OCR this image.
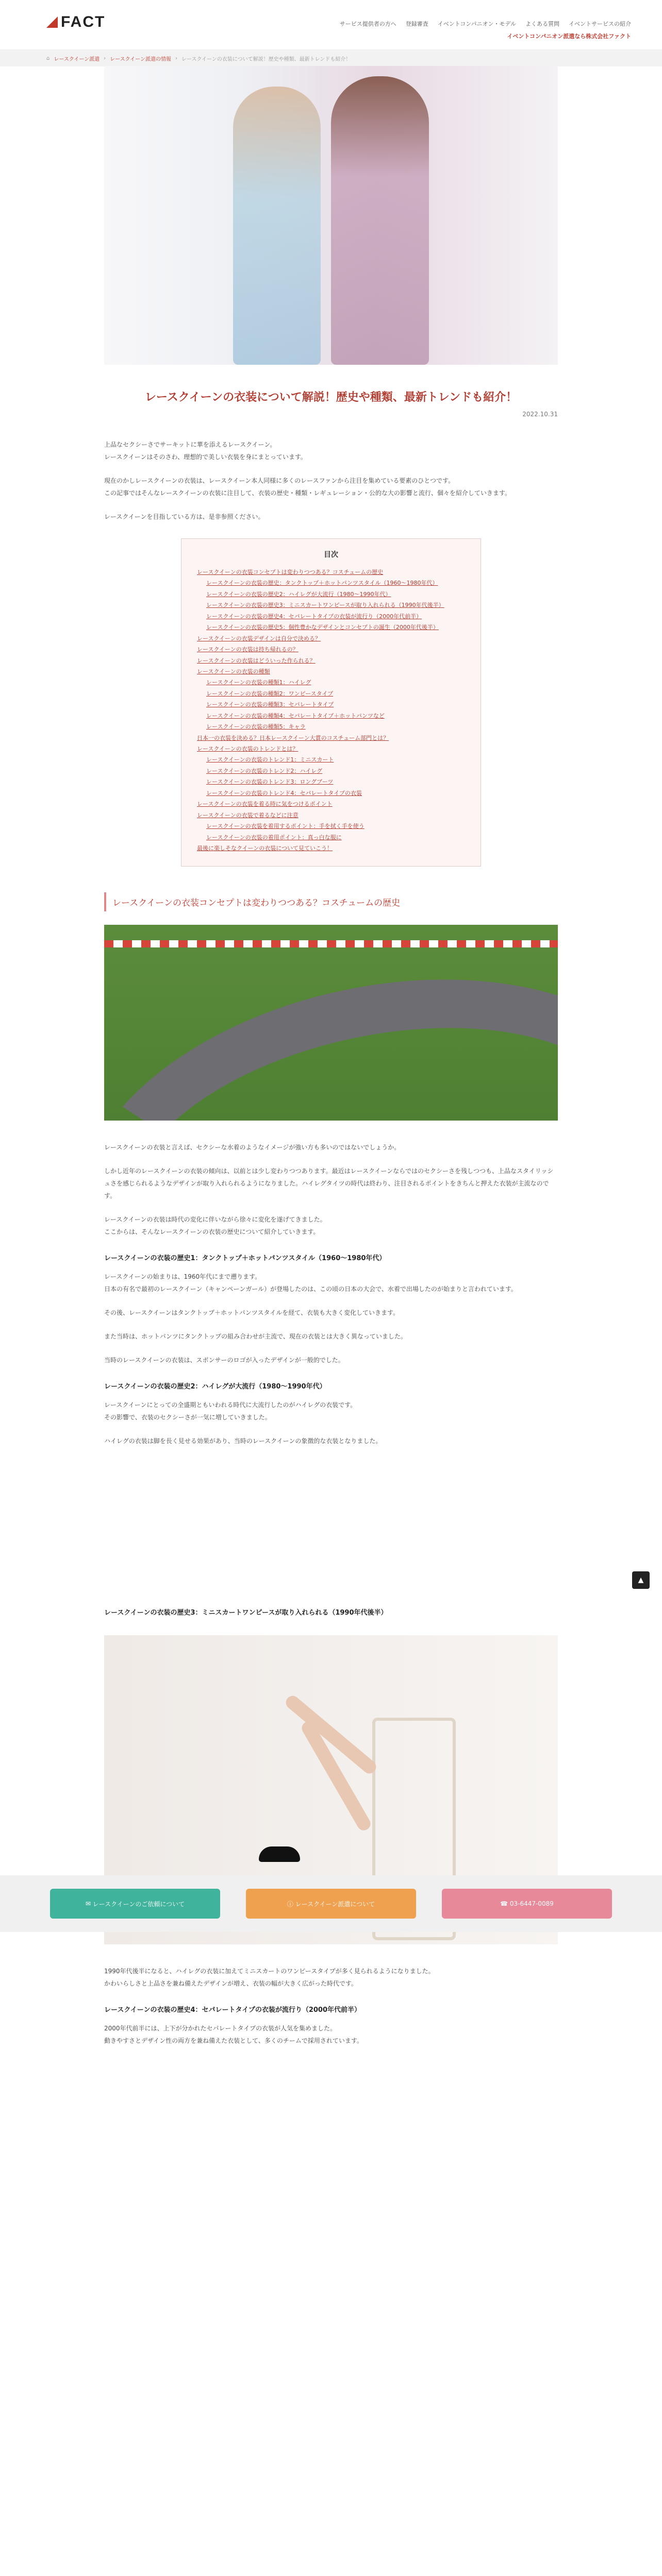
FACT	サービス提供者の方へ 登録審査 イベントコンパニオン・モデル よくある質問 イベントサービスの紹介
イベントコンパニオン派遣なら株式会社ファクト
⌂ レースクイーン派遣 › レースクイーン派遣の情報 › レースクイーンの衣装について解説！歴史や種類、最新トレンドも紹介！
レースクイーンの衣装について解説！歴史や種類、最新トレンドも紹介！
2022.10.31

上品なセクシーさでサーキットに華を添えるレースクイーン。
レースクイーンはそのさわ、理想的で美しい衣装を身にまとっています。

現在のかしレースクイーンの衣装は、レースクイーン本人同様に多くのレースファンから注目を集めている要素のひとつです。
この記事ではそんなレースクイーンの衣装に注目して、衣装の歴史・種類・レギュレーション・公的な大の影響と流行、個々を紹介していきます。

レースクイーンを目指している方は、是非参照ください。

目次
レースクイーンの衣装コンセプトは変わりつつある？コスチュームの歴史
レースクイーンの衣装の歴史：タンクトップ＋ホットパンツスタイル（1960～1980年代）
レースクイーンの衣装の歴史2：ハイレグが大流行（1980～1990年代）
レースクイーンの衣装の歴史3：ミニスカートワンピースが取り入れられる（1990年代後半）
レースクイーンの衣装の歴史4：セパレートタイプの衣装が流行り（2000年代前半）
レースクイーンの衣装の歴史5：個性豊かなデザインとコンセプトの誕生（2000年代後半）
レースクイーンの衣装デザインは自分で決める？
レースクイーンの衣装は持ち帰れるの？
レースクイーンの衣装はどういった作られる？
レースクイーンの衣装の種類
レースクイーンの衣装の種類1：ハイレグ
レースクイーンの衣装の種類2：ワンピースタイプ
レースクイーンの衣装の種類3：セパレートタイプ
レースクイーンの衣装の種類4：セパレートタイプ＋ホットパンツなど
レースクイーンの衣装の種類5：キャラ
日本一の衣装を決める？日本レースクイーン大賞のコスチューム部門とは？
レースクイーンの衣装のトレンドとは？
レースクイーンの衣装のトレンド1：ミニスカート
レースクイーンの衣装のトレンド2：ハイレグ
レースクイーンの衣装のトレンド3：ロングブーツ
レースクイーンの衣装のトレンド4：セパレートタイプの衣装
レースクイーンの衣装を着る時に気をつけるポイント
レースクイーンの衣装で着るなどに注意
レースクイーンの衣装を着用するポイント：手を拭く手を使う
レースクイーンの衣装の着用ポイント：真っ白な服に
最後に楽しそなクイーンの衣装について見ていこう！
レースクイーンの衣装コンセプトは変わりつつある？コスチュームの歴史

レースクイーンの衣装と言えば、セクシーな水着のようなイメージが強い方も多いのではないでしょうか。

しかし近年のレースクイーンの衣装の傾向は、以前とは少し変わりつつあります。最近はレースクイーンならではのセクシーさを残しつつも、上品なスタイリッシュさを感じられるようなデザインが取り入れられるようになりました。ハイレグタイツの時代は終わり、注目されるポイントをきちんと押えた衣装が主流なのです。

レースクイーンの衣装は時代の変化に伴いながら徐々に変化を遂げてきました。
ここからは、そんなレースクイーンの衣装の歴史について紹介していきます。

レースクイーンの衣装の歴史1：タンクトップ＋ホットパンツスタイル（1960～1980年代）

レースクイーンの始まりは、1960年代にまで遡ります。
日本の有名で最初のレースクイーン（キャンペーンガール）が登場したのは、この頃の日本の大会で、水着で出場したのが始まりと言われています。

その後、レースクイーンはタンクトップ＋ホットパンツスタイルを経て、衣装も大きく変化していきます。

また当時は、ホットパンツにタンクトップの組み合わせが主流で、現在の衣装とは大きく異なっていました。

当時のレースクイーンの衣装は、スポンサーのロゴが入ったデザインが一般的でした。

レースクイーンの衣装の歴史2：ハイレグが大流行（1980～1990年代）

レースクイーンにとっての全盛期ともいわれる時代に大流行したのがハイレグの衣装です。
その影響で、衣装のセクシーさが一気に増していきました。

ハイレグの衣装は脚を長く見せる効果があり、当時のレースクイーンの象徴的な衣装となりました。

レースクイーンの衣装の歴史3：ミニスカートワンピースが取り入れられる（1990年代後半）

1990年代後半になると、ハイレグの衣装に加えてミニスカートのワンピースタイプが多く見られるようになりました。
かわいらしさと上品さを兼ね備えたデザインが増え、衣装の幅が大きく広がった時代です。

レースクイーンの衣装の歴史4：セパレートタイプの衣装が流行り（2000年代前半）

2000年代前半には、上下が分かれたセパレートタイプの衣装が人気を集めました。
動きやすさとデザイン性の両方を兼ね備えた衣装として、多くのチームで採用されています。

▲
✉ レースクイーンのご依頼について	ⓘ レースクイーン派遣について	☎ 03-6447-0089
